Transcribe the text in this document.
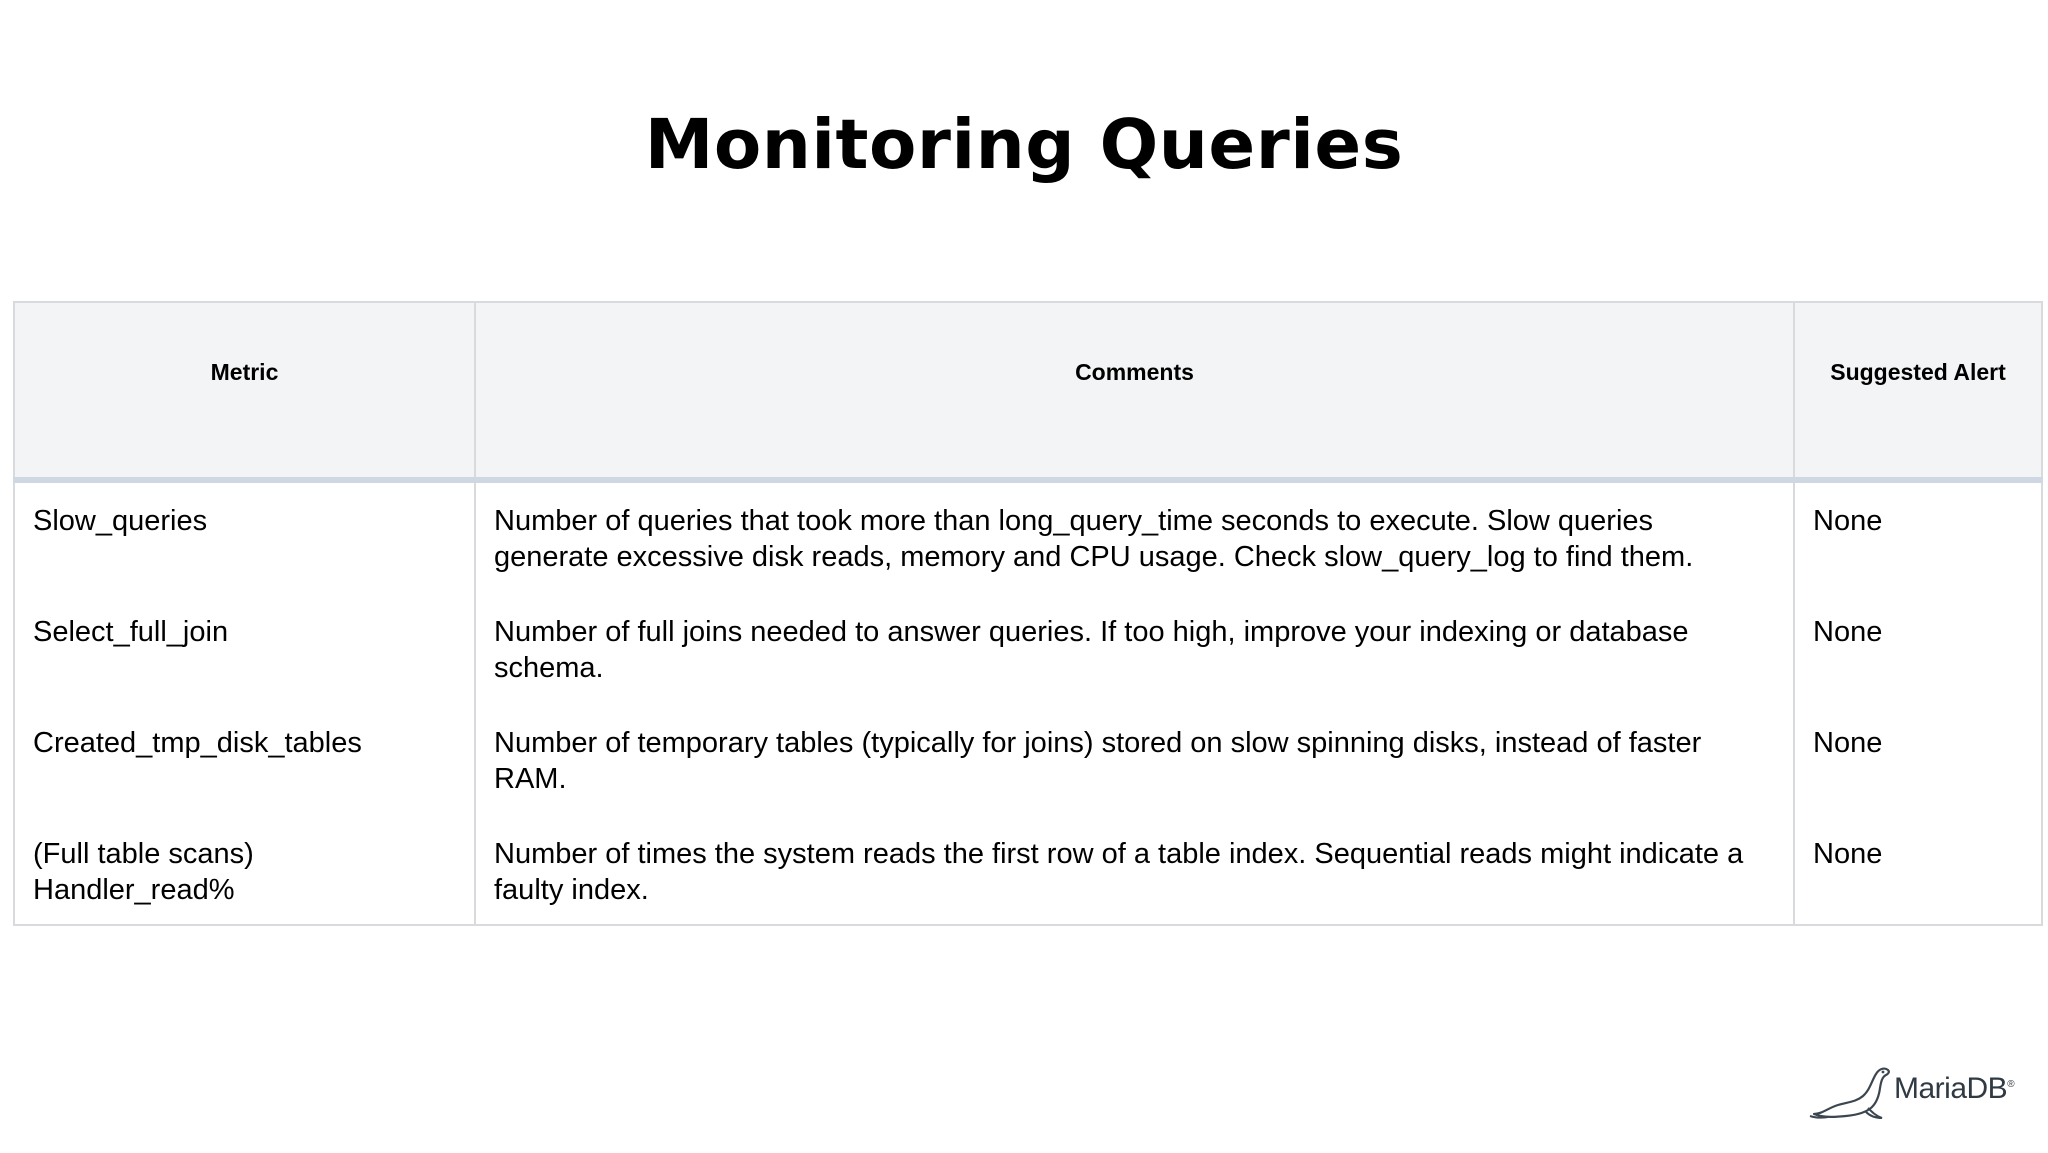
Monitoring Queries
Metric	Comments	Suggested Alert
Slow_queries	Number of queries that took more than long_query_time seconds to execute. Slow queries generate excessive disk reads, memory and CPU usage. Check slow_query_log to find them.	None
Select_full_join	Number of full joins needed to answer queries. If too high, improve your indexing or database schema.	None
Created_tmp_disk_tables	Number of temporary tables (typically for joins) stored on slow spinning disks, instead of faster RAM.	None

(Full table scans)
Handler_read%	Number of times the system reads the first row of a table index. Sequential reads might indicate a faulty index.	None
MariaDB®
